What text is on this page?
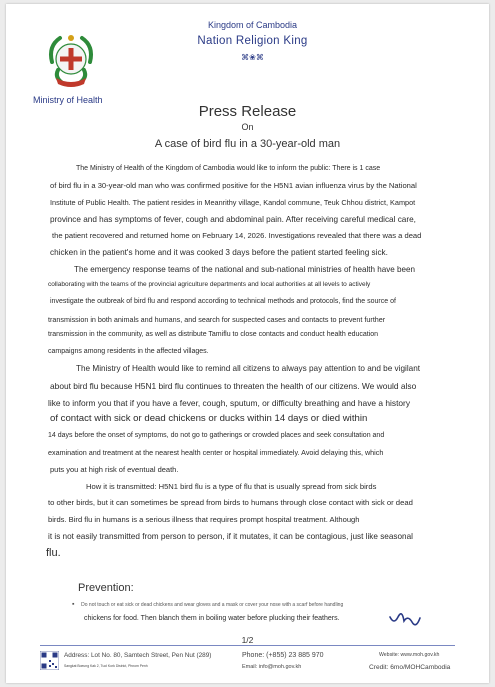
Ministry of Health
Kingdom of Cambodia
Nation Religion King
⌘❀⌘
Press Release
On
A case of bird flu in a 30-year-old man
The Ministry of Health of the Kingdom of Cambodia would like to inform the public: There is 1 case
of bird flu in a 30-year-old man who was confirmed positive for the H5N1 avian influenza virus by the National
Institute of Public Health. The patient resides in Meanrithy village, Kandol commune, Teuk Chhou district, Kampot
province and has symptoms of fever, cough and abdominal pain. After receiving careful medical care,
the patient recovered and returned home on February 14, 2026. Investigations revealed that there was a dead
chicken in the patient's home and it was cooked 3 days before the patient started feeling sick.
The emergency response teams of the national and sub-national ministries of health have been
collaborating with the teams of the provincial agriculture departments and local authorities at all levels to actively
investigate the outbreak of bird flu and respond according to technical methods and protocols, find the source of
transmission in both animals and humans, and search for suspected cases and contacts to prevent further
transmission in the community, as well as distribute Tamiflu to close contacts and conduct health education
campaigns among residents in the affected villages.
The Ministry of Health would like to remind all citizens to always pay attention to and be vigilant
about bird flu because H5N1 bird flu continues to threaten the health of our citizens. We would also
like to inform you that if you have a fever, cough, sputum, or difficulty breathing and have a history
of contact with sick or dead chickens or ducks within 14 days or died within
14 days before the onset of symptoms, do not go to gatherings or crowded places and seek consultation and
examination and treatment at the nearest health center or hospital immediately. Avoid delaying this, which
puts you at high risk of eventual death.
How it is transmitted: H5N1 bird flu is a type of flu that is usually spread from sick birds
to other birds, but it can sometimes be spread from birds to humans through close contact with sick or dead
birds. Bird flu in humans is a serious illness that requires prompt hospital treatment. Although
it is not easily transmitted from person to person, if it mutates, it can be contagious, just like seasonal
flu.
Prevention:
▪ Do not touch or eat sick or dead chickens and wear gloves and a mask or cover your nose with a scarf before handling
chickens for food. Then blanch them in boiling water before plucking their feathers.
1/2
Address: Lot No. 80, Samtech Street, Pen Nut (289)
Sangkat Boeung Kak 2, Tuol Kork District, Phnom Penh
Phone: (+855) 23 885 970
Email: info@moh.gov.kh
Website: www.moh.gov.kh
Credit: 6mo/MOHCambodia
